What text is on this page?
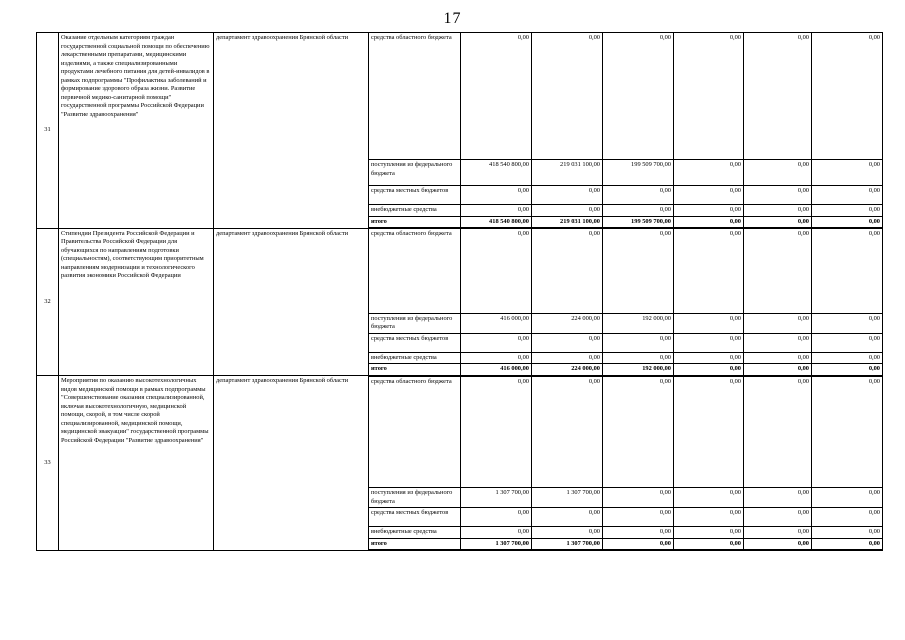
17
31	Оказание отдельным категориям граждан государственной социальной помощи по обеспечению лекарственными препаратами, медицинскими изделиями, а также специализированными продуктами лечебного питания для детей-инвалидов в рамках подпрограммы "Профилактика заболеваний и формирование здорового образа жизни. Развитие первичной медико-санитарной помощи" государственной программы Российской Федерации "Развитие здравоохранения"	департамент здравоохранения Брянской области	средства областного бюджета	0,00	0,00	0,00	0,00	0,00	0,00
			поступления из федерального бюджета	418 540 800,00	219 031 100,00	199 509 700,00	0,00	0,00	0,00
			средства местных бюджетов	0,00	0,00	0,00	0,00	0,00	0,00
			внебюджетные средства	0,00	0,00	0,00	0,00	0,00	0,00
			итого	418 540 800,00	219 031 100,00	199 509 700,00	0,00	0,00	0,00
32	Стипендии Президента Российской Федерации и Правительства Российской Федерации для обучающихся по направлениям подготовки (специальностям), соответствующим приоритетным направлениям модернизации и технологического развития экономики Российской Федерации	департамент здравоохранения Брянской области	средства областного бюджета	0,00	0,00	0,00	0,00	0,00	0,00
			поступления из федерального бюджета	416 000,00	224 000,00	192 000,00	0,00	0,00	0,00
			средства местных бюджетов	0,00	0,00	0,00	0,00	0,00	0,00
			внебюджетные средства	0,00	0,00	0,00	0,00	0,00	0,00
			итого	416 000,00	224 000,00	192 000,00	0,00	0,00	0,00
33	Мероприятия по оказанию высокотехнологичных видов медицинской помощи в рамках подпрограммы "Совершенствование оказания специализированной, включая высокотехнологичную, медицинской помощи, скорой, в том числе скорой специализированной, медицинской помощи, медицинской эвакуации" государственной программы Российской Федерации "Развитие здравоохранения"	департамент здравоохранения Брянской области	средства областного бюджета	0,00	0,00	0,00	0,00	0,00	0,00
			поступления из федерального бюджета	1 307 700,00	1 307 700,00	0,00	0,00	0,00	0,00
			средства местных бюджетов	0,00	0,00	0,00	0,00	0,00	0,00
			внебюджетные средства	0,00	0,00	0,00	0,00	0,00	0,00
			итого	1 307 700,00	1 307 700,00	0,00	0,00	0,00	0,00
